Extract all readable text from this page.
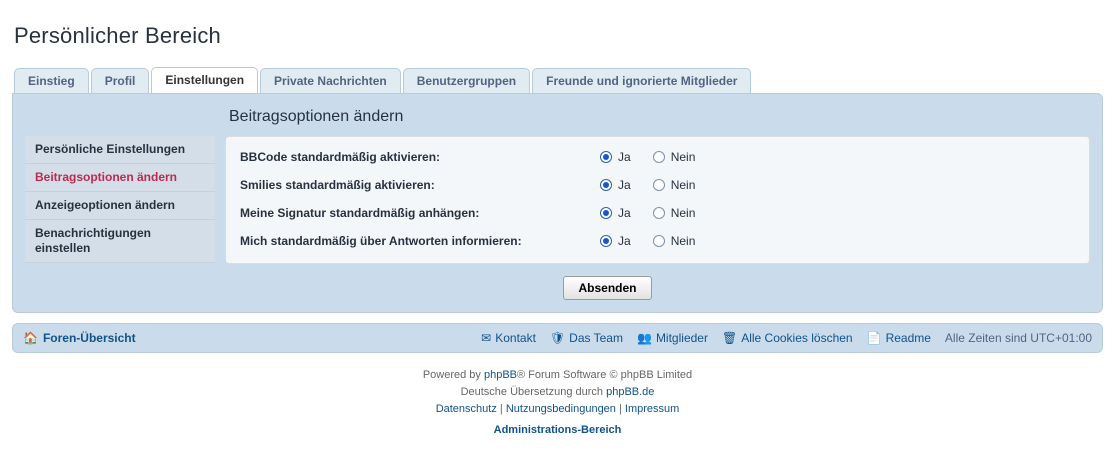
Persönlicher Bereich
Einstieg	Profil	Einstellungen	Private Nachrichten	Benutzergruppen	Freunde und ignorierte Mitglieder
Beitragsoptionen ändern
Persönliche Einstellungen
Beitragsoptionen ändern
Anzeigeoptionen ändern
Benachrichtigungen einstellen
BBCode standardmäßig aktivieren:	Ja	Nein
Smilies standardmäßig aktivieren:	Ja	Nein
Meine Signatur standardmäßig anhängen:	Ja	Nein
Mich standardmäßig über Antworten informieren:	Ja	Nein
Absenden
🏠 Foren-Übersicht	✉ Kontakt 🛡 Das Team 👥 Mitglieder 🗑 Alle Cookies löschen 📄 Readme Alle Zeiten sind UTC+01:00
Powered by phpBB® Forum Software © phpBB Limited
Deutsche Übersetzung durch phpBB.de
Datenschutz | Nutzungsbedingungen | Impressum
Administrations-Bereich
